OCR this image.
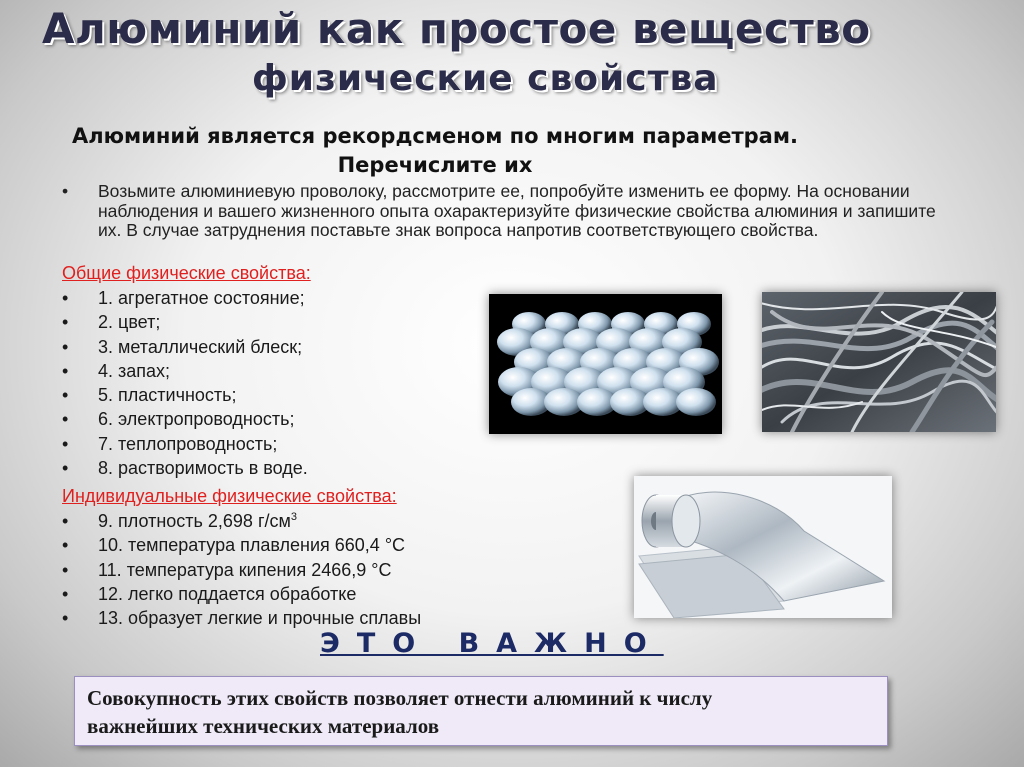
Алюминий как простое вещество
физические свойства
Алюминий является рекордсменом по многим параметрам.
Перечислите их
• Возьмите алюминиевую проволоку, рассмотрите ее, попробуйте изменить ее форму. На основании наблюдения и вашего жизненного опыта охарактеризуйте физические свойства алюминия и запишите их. В случае затруднения поставьте знак вопроса напротив соответствующего свойства.
Общие физические свойства:
• 1. агрегатное состояние;
• 2. цвет;
• 3. металлический блеск;
• 4. запах;
• 5. пластичность;
• 6. электропроводность;
• 7. теплопроводность;
• 8. растворимость в воде.
Индивидуальные физические свойства:
• 9. плотность 2,698 $г/см^3$
• 10. температура плавления 660,4 °C
• 11. температура кипения 2466,9 °C
• 12. легко поддается обработке
• 13. образует легкие и прочные сплавы
ЭТО ВАЖНО
Совокупность этих свойств позволяет отнести алюминий к числу
важнейших технических материалов
